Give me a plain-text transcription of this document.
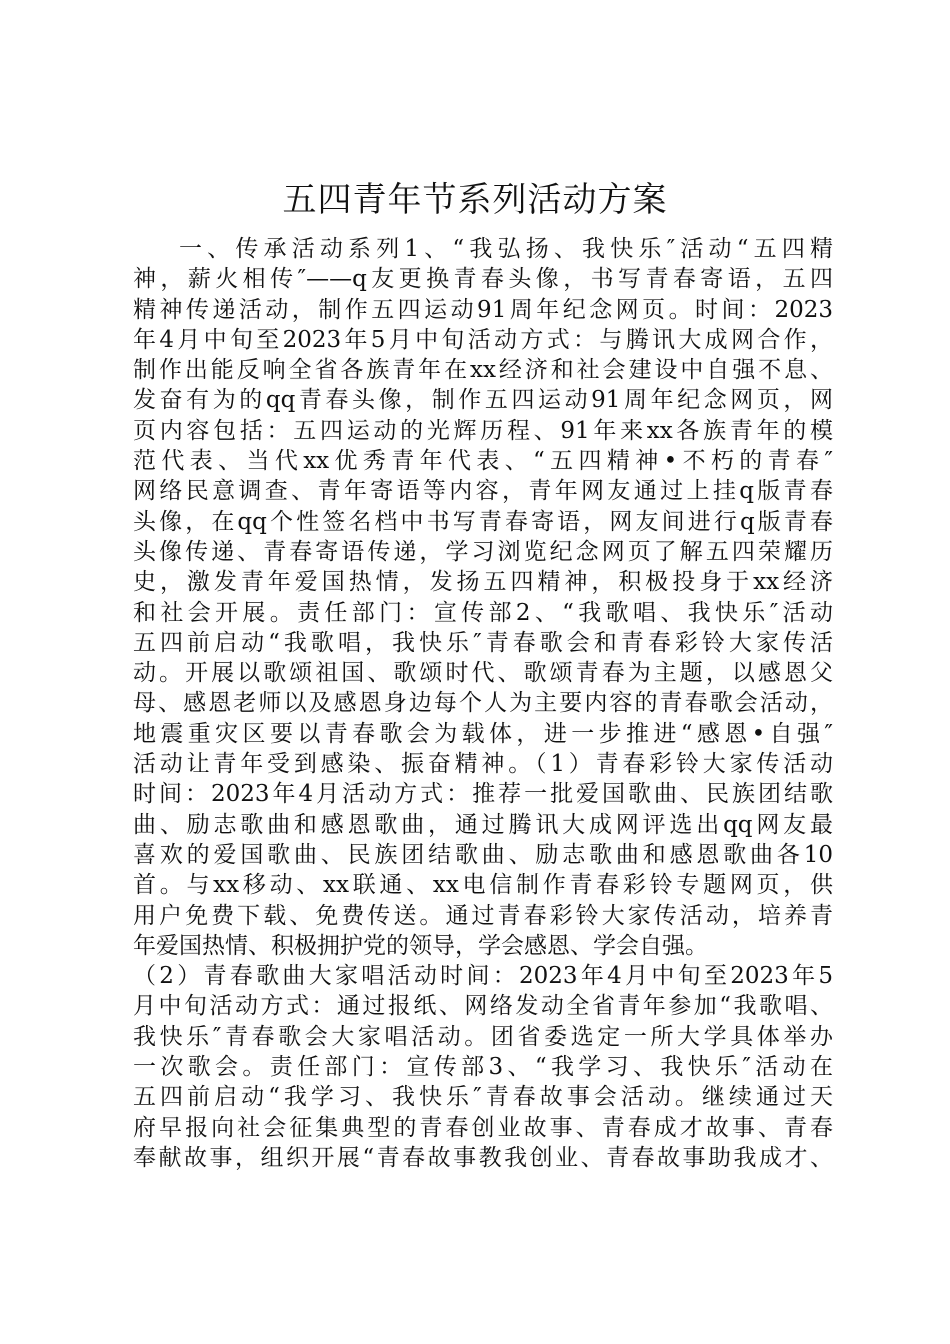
五四青年节系列活动方案
一、传承活动系列1、“我弘扬、我快乐″活动“五四精
神，薪火相传″——q友更换青春头像，书写青春寄语，五四
精神传递活动，制作五四运动91周年纪念网页。时间：2023
年4月中旬至2023年5月中旬活动方式：与腾讯大成网合作，
制作出能反响全省各族青年在xx经济和社会建设中自强不息、
发奋有为的qq青春头像，制作五四运动91周年纪念网页，网
页内容包括：五四运动的光辉历程、91年来xx各族青年的模
范代表、当代xx优秀青年代表、“五四精神•不朽的青春″
网络民意调查、青年寄语等内容，青年网友通过上挂q版青春
头像，在qq个性签名档中书写青春寄语，网友间进行q版青春
头像传递、青春寄语传递，学习浏览纪念网页了解五四荣耀历
史，激发青年爱国热情，发扬五四精神，积极投身于xx经济
和社会开展。责任部门：宣传部2、“我歌唱、我快乐″活动
五四前启动“我歌唱，我快乐″青春歌会和青春彩铃大家传活
动。开展以歌颂祖国、歌颂时代、歌颂青春为主题，以感恩父
母、感恩老师以及感恩身边每个人为主要内容的青春歌会活动，
地震重灾区要以青春歌会为载体，进一步推进“感恩•自强″
活动让青年受到感染、振奋精神。（1）青春彩铃大家传活动
时间：2023年4月活动方式：推荐一批爱国歌曲、民族团结歌
曲、励志歌曲和感恩歌曲，通过腾讯大成网评选出qq网友最
喜欢的爱国歌曲、民族团结歌曲、励志歌曲和感恩歌曲各10
首。与xx移动、xx联通、xx电信制作青春彩铃专题网页，供
用户免费下载、免费传送。通过青春彩铃大家传活动，培养青
年爱国热情、积极拥护党的领导，学会感恩、学会自强。
（2）青春歌曲大家唱活动时间：2023年4月中旬至2023年5
月中旬活动方式：通过报纸、网络发动全省青年参加“我歌唱、
我快乐″青春歌会大家唱活动。团省委选定一所大学具体举办
一次歌会。责任部门：宣传部3、“我学习、我快乐″活动在
五四前启动“我学习、我快乐″青春故事会活动。继续通过天
府早报向社会征集典型的青春创业故事、青春成才故事、青春
奉献故事，组织开展“青春故事教我创业、青春故事助我成才、
